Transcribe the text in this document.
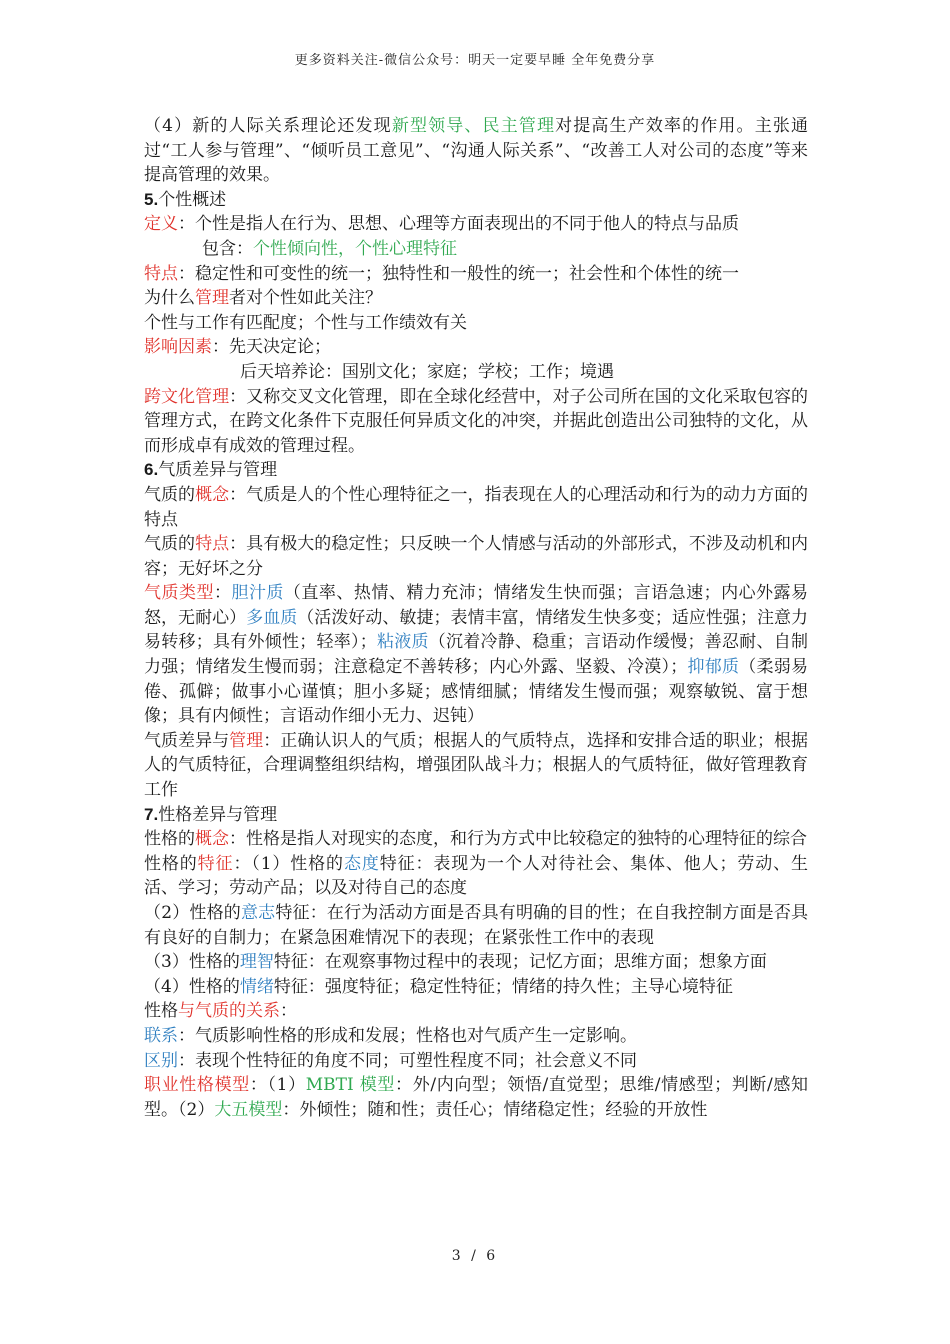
更多资料关注-微信公众号：明天一定要早睡 全年免费分享

（4）新的人际关系理论还发现新型领导、民主管理对提高生产效率的作用。主张通过“工人参与管理”、“倾听员工意见”、“沟通人际关系”、“改善工人对公司的态度”等来提高管理的效果。

5.个性概述

定义：个性是指人在行为、思想、心理等方面表现出的不同于他人的特点与品质

包含：个性倾向性，个性心理特征

特点：稳定性和可变性的统一；独特性和一般性的统一；社会性和个体性的统一

为什么管理者对个性如此关注？

个性与工作有匹配度；个性与工作绩效有关

影响因素：先天决定论；

后天培养论：国别文化；家庭；学校；工作；境遇

跨文化管理：又称交叉文化管理，即在全球化经营中，对子公司所在国的文化采取包容的管理方式，在跨文化条件下克服任何异质文化的冲突，并据此创造出公司独特的文化，从而形成卓有成效的管理过程。

6.气质差异与管理

气质的概念：气质是人的个性心理特征之一，指表现在人的心理活动和行为的动力方面的特点

气质的特点：具有极大的稳定性；只反映一个人情感与活动的外部形式，不涉及动机和内容；无好坏之分

气质类型：胆汁质（直率、热情、精力充沛；情绪发生快而强；言语急速；内心外露易怒，无耐心）多血质（活泼好动、敏捷；表情丰富，情绪发生快多变；适应性强；注意力易转移；具有外倾性；轻率）；粘液质（沉着冷静、稳重；言语动作缓慢；善忍耐、自制力强；情绪发生慢而弱；注意稳定不善转移；内心外露、坚毅、冷漠）；抑郁质（柔弱易倦、孤僻；做事小心谨慎；胆小多疑；感情细腻；情绪发生慢而强；观察敏锐、富于想像；具有内倾性；言语动作细小无力、迟钝）

气质差异与管理：正确认识人的气质；根据人的气质特点，选择和安排合适的职业；根据人的气质特征，合理调整组织结构，增强团队战斗力；根据人的气质特征，做好管理教育工作

7.性格差异与管理

性格的概念：性格是指人对现实的态度，和行为方式中比较稳定的独特的心理特征的综合

性格的特征：（1）性格的态度特征：表现为一个人对待社会、集体、他人；劳动、生活、学习；劳动产品；以及对待自己的态度

（2）性格的意志特征：在行为活动方面是否具有明确的目的性；在自我控制方面是否具有良好的自制力；在紧急困难情况下的表现；在紧张性工作中的表现

（3）性格的理智特征：在观察事物过程中的表现；记忆方面；思维方面；想象方面

（4）性格的情绪特征：强度特征；稳定性特征；情绪的持久性；主导心境特征

性格与气质的关系：

联系：气质影响性格的形成和发展；性格也对气质产生一定影响。

区别：表现个性特征的角度不同；可塑性程度不同；社会意义不同

职业性格模型：（1）MBTI 模型：外/内向型；领悟/直觉型；思维/情感型；判断/感知型。（2）大五模型：外倾性；随和性；责任心；情绪稳定性；经验的开放性

3 / 6
